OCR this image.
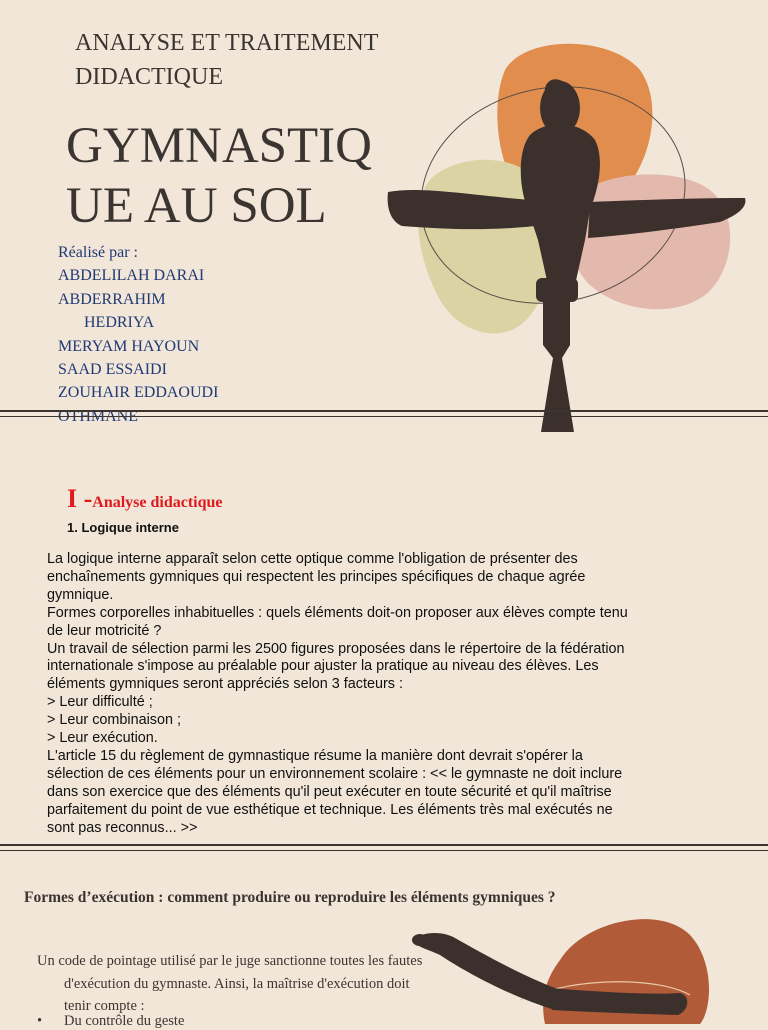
ANALYSE ET TRAITEMENT
DIDACTIQUE
GYMNASTIQ
UE AU SOL
Réalisé par :
ABDELILAH DARAI
ABDERRAHIM
HEDRIYA
MERYAM HAYOUN
SAAD ESSAIDI
ZOUHAIR EDDAOUDI
OTHMANE
I -Analyse didactique
1. Logique interne

La logique interne apparaît selon cette optique comme l'obligation de présenter des

enchaînements gymniques qui respectent les principes spécifiques de chaque agrée

gymnique.

Formes corporelles inhabituelles : quels éléments doit-on proposer aux élèves compte tenu

de leur motricité ?

Un travail de sélection parmi les 2500 figures proposées dans le répertoire de la fédération

internationale s'impose au préalable pour ajuster la pratique au niveau des élèves. Les

éléments gymniques seront appréciés selon 3 facteurs :

> Leur difficulté ;

> Leur combinaison ;

> Leur exécution.

L'article 15 du règlement de gymnastique résume la manière dont devrait s'opérer la

sélection de ces éléments pour un environnement scolaire : << le gymnaste ne doit inclure

dans son exercice que des éléments qu'il peut exécuter en toute sécurité et qu'il maîtrise

parfaitement du point de vue esthétique et technique. Les éléments très mal exécutés ne

sont pas reconnus... >>

Formes d’exécution : comment produire ou reproduire les éléments gymniques ?
Un code de pointage utilisé par le juge sanctionne toutes les fautes
d'exécution du gymnaste. Ainsi, la maîtrise d'exécution doit
tenir compte :
• Du contrôle du geste
